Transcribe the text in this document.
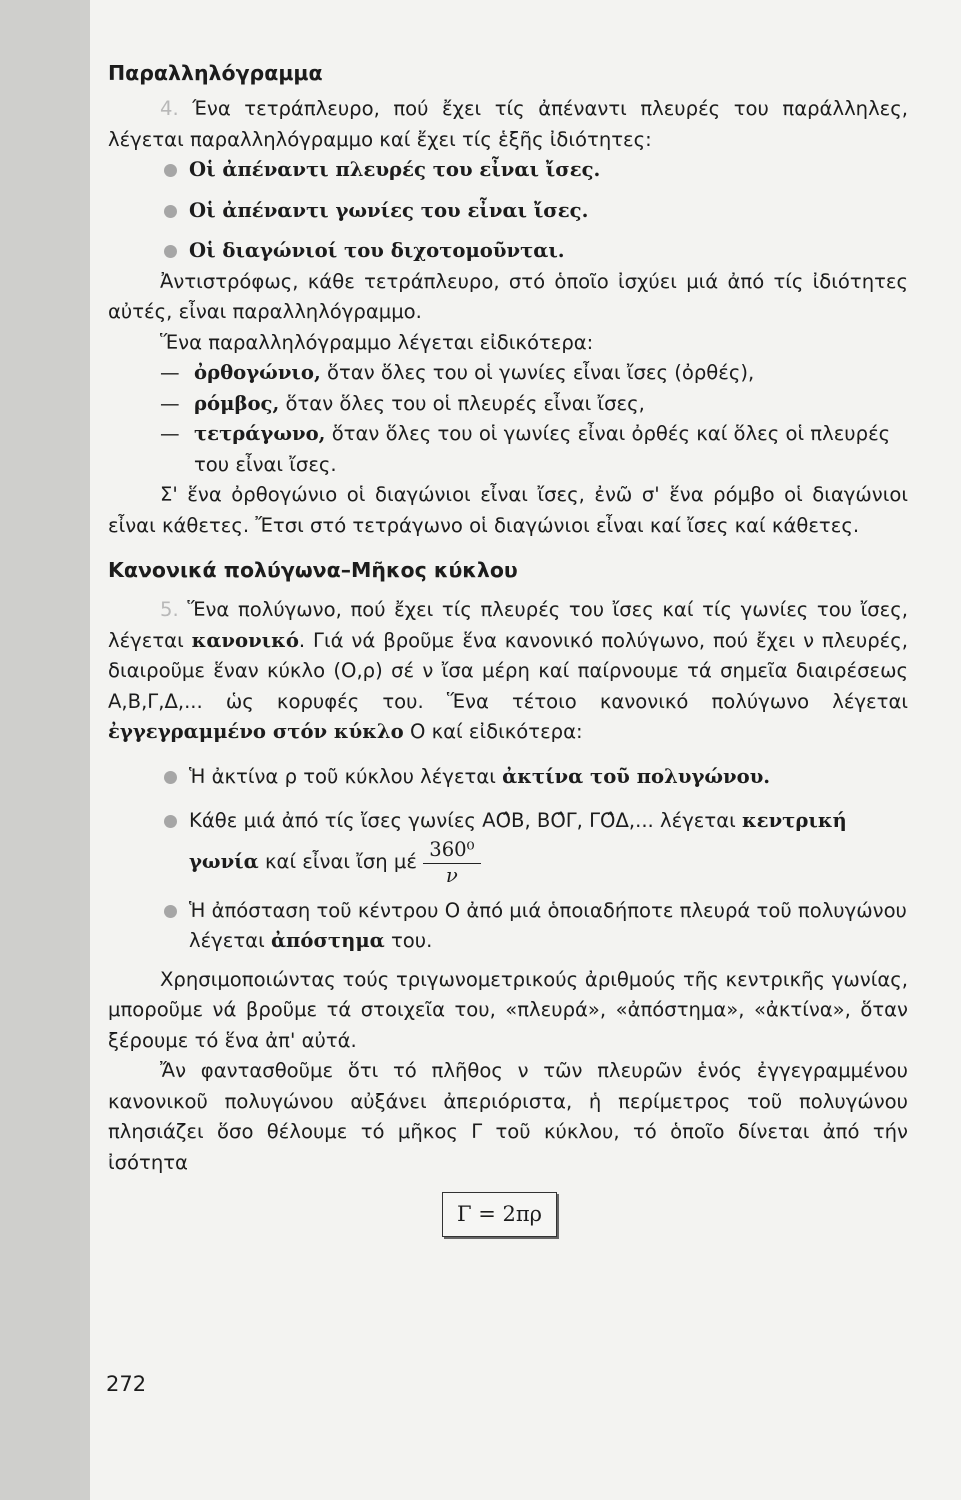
Παραλληλόγραμμα

4. Ένα τετράπλευρο, πού ἔχει τίς ἀπέναντι πλευρές του παράλληλες, λέγεται παραλληλόγραμμο καί ἔχει τίς ἑξῆς ἰδιότητες:

Οἱ ἀπέναντι πλευρές του εἶναι ἴσες.
Οἱ ἀπέναντι γωνίες του εἶναι ἴσες.
Οἱ διαγώνιοί του διχοτομοῦνται.

Ἀντιστρόφως, κάθε τετράπλευρο, στό ὁποῖο ἰσχύει μιά ἀπό τίς ἰδιότητες αὐτές, εἶναι παραλληλόγραμμο.

Ἕνα παραλληλόγραμμο λέγεται εἰδικότερα:

— ὀρθογώνιο, ὅταν ὅλες του οἱ γωνίες εἶναι ἴσες (ὀρθές),
— ρόμβος, ὅταν ὅλες του οἱ πλευρές εἶναι ἴσες,
— τετράγωνο, ὅταν ὅλες του οἱ γωνίες εἶναι ὀρθές καί ὅλες οἱ πλευρές του εἶναι ἴσες.

Σ' ἕνα ὀρθογώνιο οἱ διαγώνιοι εἶναι ἴσες, ἐνῶ σ' ἕνα ρόμβο οἱ διαγώνιοι εἶναι κάθετες. Ἔτσι στό τετράγωνο οἱ διαγώνιοι εἶναι καί ἴσες καί κάθετες.

Κανονικά πολύγωνα–Μῆκος κύκλου

5. Ἕνα πολύγωνο, πού ἔχει τίς πλευρές του ἴσες καί τίς γωνίες του ἴσες, λέγεται κανονικό. Γιά νά βροῦμε ἕνα κανονικό πολύγωνο, πού ἔχει ν πλευρές, διαιροῦμε ἕναν κύκλο (Ο,ρ) σέ ν ἴσα μέρη καί παίρνουμε τά σημεῖα διαιρέσεως Α,Β,Γ,Δ,... ὡς κορυφές του. Ἕνα τέτοιο κανονικό πολύγωνο λέγεται ἐγγεγραμμένο στόν κύκλο Ο καί εἰδικότερα:

Ἡ ἀκτίνα ρ τοῦ κύκλου λέγεται ἀκτίνα τοῦ πολυγώνου.
Κάθε μιά ἀπό τίς ἴσες γωνίες ΑΟ̂Β, ΒΟ̂Γ, ΓΟ̂Δ,... λέγεται κεντρική γωνία καί εἶναι ἴση μέ $\frac{\text{360⁰}}{\nu}$
Ἡ ἀπόσταση τοῦ κέντρου Ο ἀπό μιά ὁποιαδήποτε πλευρά τοῦ πολυγώνου λέγεται ἀπόστημα του.

Χρησιμοποιώντας τούς τριγωνομετρικούς ἀριθμούς τῆς κεντρικῆς γωνίας, μποροῦμε νά βροῦμε τά στοιχεῖα του, «πλευρά», «ἀπόστημα», «ἀκτίνα», ὅταν ξέρουμε τό ἕνα ἀπ' αὐτά.

Ἄν φαντασθοῦμε ὅτι τό πλῆθος ν τῶν πλευρῶν ἑνός ἐγγεγραμμένου κανονικοῦ πολυγώνου αὐξάνει ἀπεριόριστα, ἡ περίμετρος τοῦ πολυγώνου πλησιάζει ὅσο θέλουμε τό μῆκος Γ τοῦ κύκλου, τό ὁποῖο δίνεται ἀπό τήν ἰσότητα

Γ = 2πρ
272
